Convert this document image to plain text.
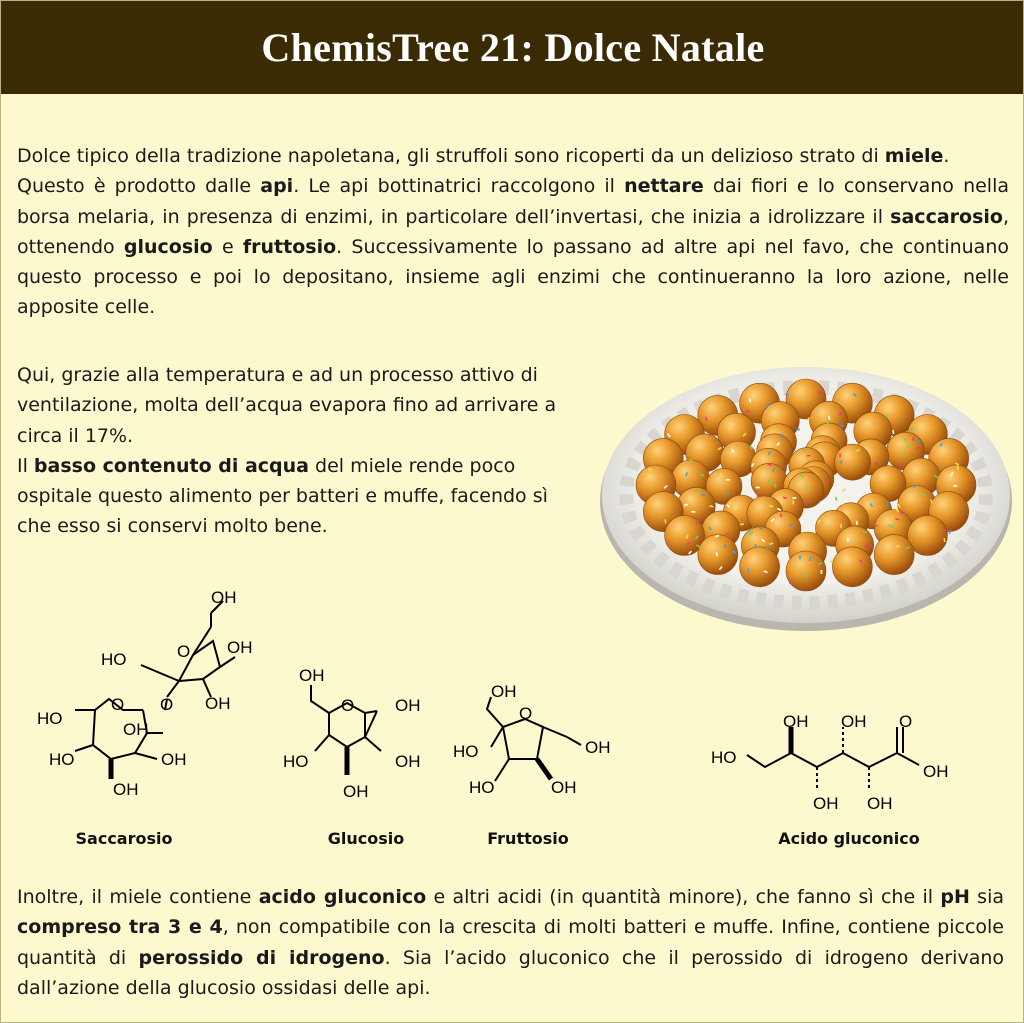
ChemisTree 21: Dolce Natale

Dolce tipico della tradizione napoletana, gli struffoli sono ricoperti da un delizioso strato di miele.
Questo è prodotto dalle api. Le api bottinatrici raccolgono il nettare dai fiori e lo conservano nella borsa melaria, in presenza di enzimi, in particolare dell’invertasi, che inizia a idrolizzare il saccarosio, ottenendo glucosio e fruttosio. Successivamente lo passano ad altre api nel favo, che continuano questo processo e poi lo depositano, insieme agli enzimi che continueranno la loro azione, nelle apposite celle.

Qui, grazie alla temperatura e ad un processo attivo di ventilazione, molta dell’acqua evapora fino ad arrivare a circa il 17%.
Il basso contenuto di acqua del miele rende poco ospitale questo alimento per batteri e muffe, facendo sì che esso si conservi molto bene.

HO
O O
HO	OH
OH
HO	O OH
OH
OH
OH
OH
O OH
HO	OH
OH
OH
O
HO	OH
HO	OH
HO
OH OH O
OH
OH OH
Saccarosio	Glucosio	Fruttosio	Acido gluconico

Inoltre, il miele contiene acido gluconico e altri acidi (in quantità minore), che fanno sì che il pH sia compreso tra 3 e 4, non compatibile con la crescita di molti batteri e muffe. Infine, contiene piccole quantità di perossido di idrogeno. Sia l’acido gluconico che il perossido di idrogeno derivano dall’azione della glucosio ossidasi delle api.
